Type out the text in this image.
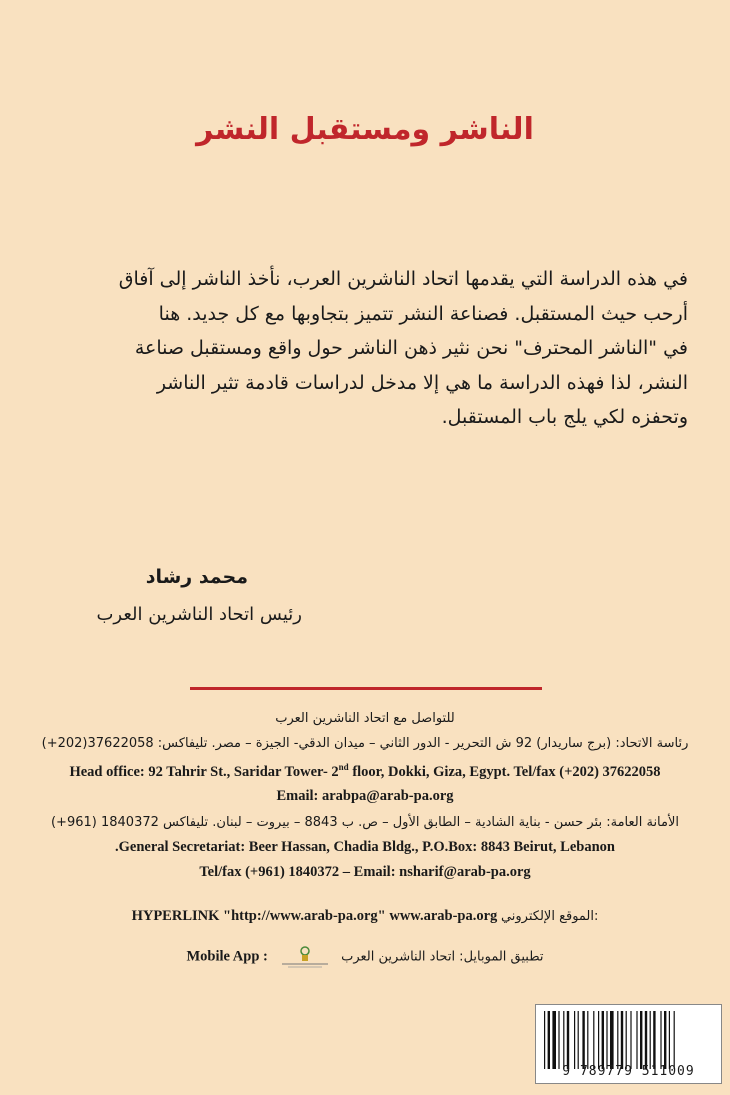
الناشر ومستقبل النشر

في هذه الدراسة التي يقدمها اتحاد الناشرين العرب، نأخذ الناشر إلى آفاق

أرحب حيث المستقبل. فصناعة النشر تتميز بتجاوبها مع كل جديد. هنا

في "الناشر المحترف" نحن نثير ذهن الناشر حول واقع ومستقبل صناعة

النشر، لذا فهذه الدراسة ما هي إلا مدخل لدراسات قادمة تثير الناشر

وتحفزه لكي يلج باب المستقبل.

محمد رشاد
رئيس اتحاد الناشرين العرب
للتواصل مع اتحاد الناشرين العرب
رئاسة الاتحاد: (برج ساريدار) 92 ش التحرير - الدور الثاني – ميدان الدقي- الجيزة – مصر. تليفاكس: 37622058(202+)
Head office: 92 Tahrir St., Saridar Tower- 2nd floor, Dokki, Giza, Egypt. Tel/fax (+202) 37622058
Email: arabpa@arab-pa.org
الأمانة العامة: بئر حسن - بناية الشادية – الطابق الأول – ص. ب 8843 – بيروت – لبنان. تليفاكس 1840372 (961+)
.General Secretariat: Beer Hassan, Chadia Bldg., P.O.Box: 8843 Beirut, Lebanon
Tel/fax (+961) 1840372 – Email: nsharif@arab-pa.org
HYPERLINK "http://www.arab-pa.org" www.arab-pa.org الموقع الإلكتروني:
Mobile App :	تطبيق الموبايل: اتحاد الناشرين العرب
9 789779 511009
